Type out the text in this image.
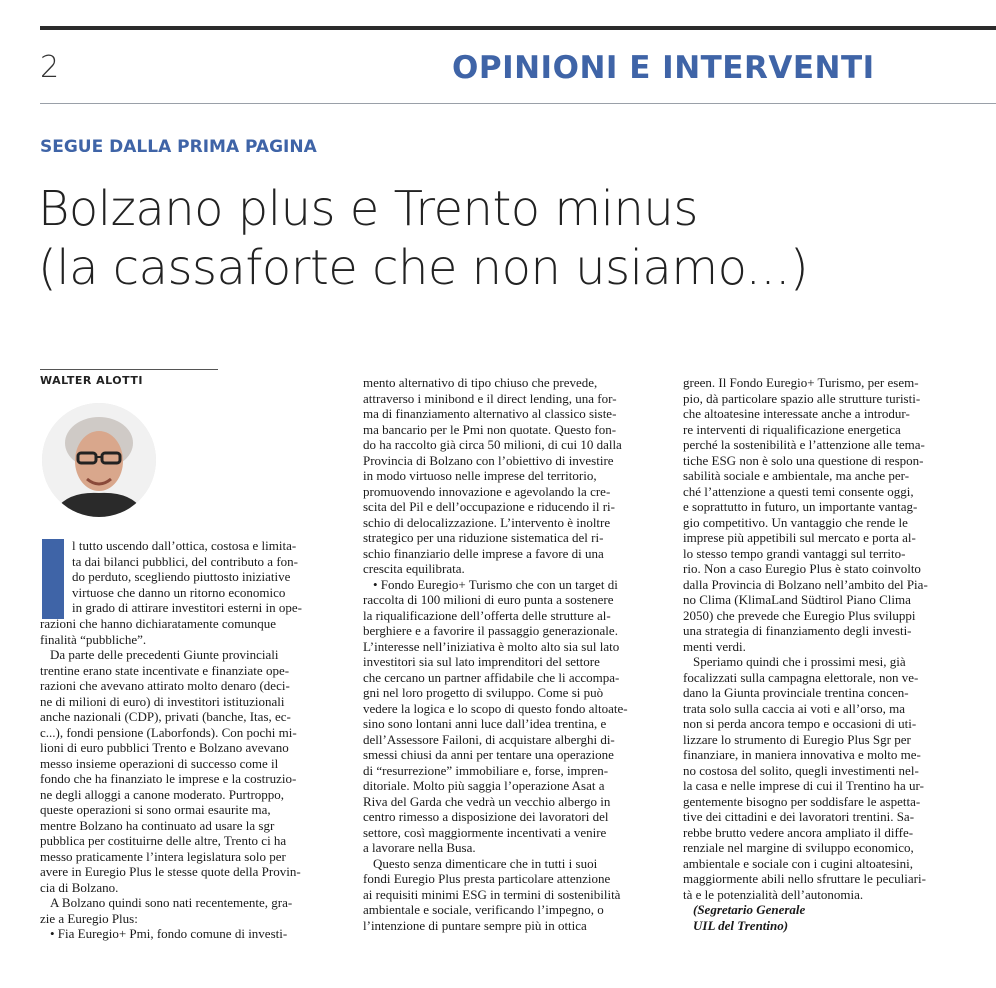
2	OPINIONI E INTERVENTI
SEGUE DALLA PRIMA PAGINA
Bolzano plus e Trento minus
(la cassaforte che non usiamo...)
WALTER ALOTTI
l tutto uscendo dall’ottica, costosa e limita-
ta dai bilanci pubblici, del contributo a fon-
do perduto, scegliendo piuttosto iniziative
virtuose che danno un ritorno economico
in grado di attirare investitori esterni in ope-
razioni che hanno dichiaratamente comunque
finalità “pubbliche”.
Da parte delle precedenti Giunte provinciali
trentine erano state incentivate e finanziate ope-
razioni che avevano attirato molto denaro (deci-
ne di milioni di euro) di investitori istituzionali
anche nazionali (CDP), privati (banche, Itas, ec-
c...), fondi pensione (Laborfonds). Con pochi mi-
lioni di euro pubblici Trento e Bolzano avevano
messo insieme operazioni di successo come il
fondo che ha finanziato le imprese e la costruzio-
ne degli alloggi a canone moderato. Purtroppo,
queste operazioni si sono ormai esaurite ma,
mentre Bolzano ha continuato ad usare la sgr
pubblica per costituirne delle altre, Trento ci ha
messo praticamente l’intera legislatura solo per
avere in Euregio Plus le stesse quote della Provin-
cia di Bolzano.
A Bolzano quindi sono nati recentemente, gra-
zie a Euregio Plus:
• Fia Euregio+ Pmi, fondo comune di investi-
mento alternativo di tipo chiuso che prevede,
attraverso i minibond e il direct lending, una for-
ma di finanziamento alternativo al classico siste-
ma bancario per le Pmi non quotate. Questo fon-
do ha raccolto già circa 50 milioni, di cui 10 dalla
Provincia di Bolzano con l’obiettivo di investire
in modo virtuoso nelle imprese del territorio,
promuovendo innovazione e agevolando la cre-
scita del Pil e dell’occupazione e riducendo il ri-
schio di delocalizzazione. L’intervento è inoltre
strategico per una riduzione sistematica del ri-
schio finanziario delle imprese a favore di una
crescita equilibrata.
• Fondo Euregio+ Turismo che con un target di
raccolta di 100 milioni di euro punta a sostenere
la riqualificazione dell’offerta delle strutture al-
berghiere e a favorire il passaggio generazionale.
L’interesse nell’iniziativa è molto alto sia sul lato
investitori sia sul lato imprenditori del settore
che cercano un partner affidabile che li accompa-
gni nel loro progetto di sviluppo. Come si può
vedere la logica e lo scopo di questo fondo altoate-
sino sono lontani anni luce dall’idea trentina, e
dell’Assessore Failoni, di acquistare alberghi di-
smessi chiusi da anni per tentare una operazione
di “resurrezione” immobiliare e, forse, impren-
ditoriale. Molto più saggia l’operazione Asat a
Riva del Garda che vedrà un vecchio albergo in
centro rimesso a disposizione dei lavoratori del
settore, così maggiormente incentivati a venire
a lavorare nella Busa.
Questo senza dimenticare che in tutti i suoi
fondi Euregio Plus presta particolare attenzione
ai requisiti minimi ESG in termini di sostenibilità
ambientale e sociale, verificando l’impegno, o
l’intenzione di puntare sempre più in ottica
green. Il Fondo Euregio+ Turismo, per esem-
pio, dà particolare spazio alle strutture turisti-
che altoatesine interessate anche a introdur-
re interventi di riqualificazione energetica
perché la sostenibilità e l’attenzione alle tema-
tiche ESG non è solo una questione di respon-
sabilità sociale e ambientale, ma anche per-
ché l’attenzione a questi temi consente oggi,
e soprattutto in futuro, un importante vantag-
gio competitivo. Un vantaggio che rende le
imprese più appetibili sul mercato e porta al-
lo stesso tempo grandi vantaggi sul territo-
rio. Non a caso Euregio Plus è stato coinvolto
dalla Provincia di Bolzano nell’ambito del Pia-
no Clima (KlimaLand Südtirol Piano Clima
2050) che prevede che Euregio Plus sviluppi
una strategia di finanziamento degli investi-
menti verdi.
Speriamo quindi che i prossimi mesi, già
focalizzati sulla campagna elettorale, non ve-
dano la Giunta provinciale trentina concen-
trata solo sulla caccia ai voti e all’orso, ma
non si perda ancora tempo e occasioni di uti-
lizzare lo strumento di Euregio Plus Sgr per
finanziare, in maniera innovativa e molto me-
no costosa del solito, quegli investimenti nel-
la casa e nelle imprese di cui il Trentino ha ur-
gentemente bisogno per soddisfare le aspetta-
tive dei cittadini e dei lavoratori trentini. Sa-
rebbe brutto vedere ancora ampliato il diffe-
renziale nel margine di sviluppo economico,
ambientale e sociale con i cugini altoatesini,
maggiormente abili nello sfruttare le peculiari-
tà e le potenzialità dell’autonomia.
(Segretario Generale
UIL del Trentino)
